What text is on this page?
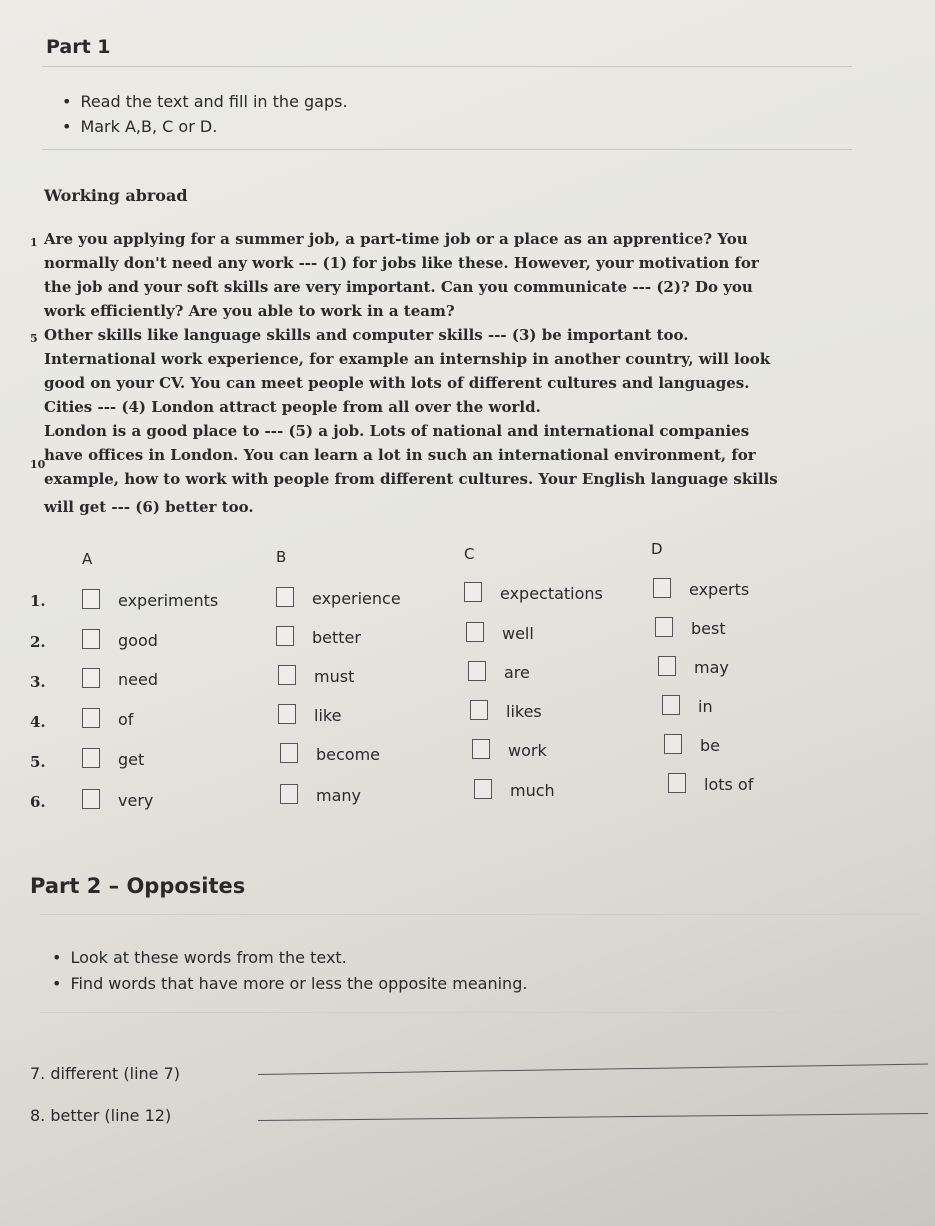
Part 1
• Read the text and fill in the gaps.
• Mark A,B, C or D.
Working abroad
1
5
10
Are you applying for a summer job, a part-time job or a place as an apprentice? You
normally don't need any work --- (1) for jobs like these. However, your motivation for
the job and your soft skills are very important. Can you communicate --- (2)? Do you
work efficiently? Are you able to work in a team?
Other skills like language skills and computer skills --- (3) be important too.
International work experience, for example an internship in another country, will look
good on your CV. You can meet people with lots of different cultures and languages.
Cities --- (4) London attract people from all over the world.
London is a good place to --- (5) a job. Lots of national and international companies
have offices in London. You can learn a lot in such an international environment, for
example, how to work with people from different cultures. Your English language skills
will get --- (6) better too.
A	B	C	D
1.	experiments	experience	expectations	experts
2.	good	better	well	best
3.	need	must	are	may
4.	of	like	likes	in
5.	get	become	work	be
6.	very	many	much	lots of
Part 2 – Opposites
• Look at these words from the text.
• Find words that have more or less the opposite meaning.
7. different (line 7)
8. better (line 12)
